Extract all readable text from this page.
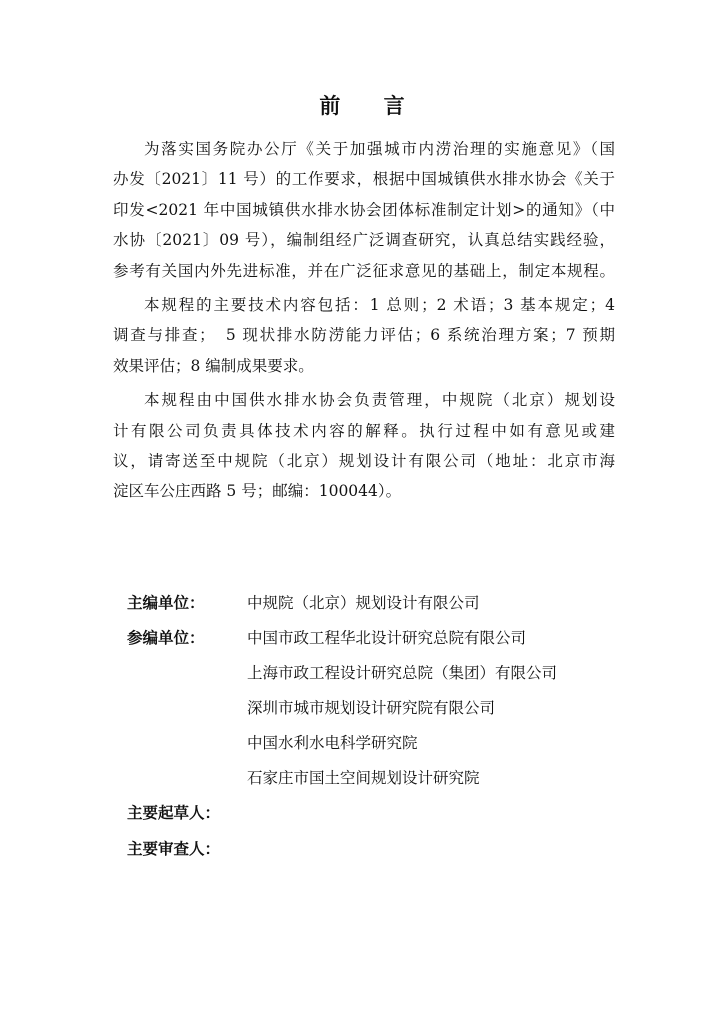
前 言

为落实国务院办公厅《关于加强城市内涝治理的实施意见》（国
办发〔2021〕11 号）的工作要求，根据中国城镇供水排水协会《关于
印发<2021 年中国城镇供水排水协会团体标准制定计划>的通知》（中
水协〔2021〕09 号），编制组经广泛调查研究，认真总结实践经验，
参考有关国内外先进标准，并在广泛征求意见的基础上，制定本规程。

本规程的主要技术内容包括：1 总则；2 术语；3 基本规定；4
调查与排查；　5 现状排水防涝能力评估；6 系统治理方案；7 预期
效果评估；8 编制成果要求。

本规程由中国供水排水协会负责管理，中规院（北京）规划设
计有限公司负责具体技术内容的解释。执行过程中如有意见或建
议，请寄送至中规院（北京）规划设计有限公司（地址：北京市海
淀区车公庄西路 5 号；邮编：100044）。

主编单位：	中规院（北京）规划设计有限公司
参编单位：	中国市政工程华北设计研究总院有限公司
上海市政工程设计研究总院（集团）有限公司
深圳市城市规划设计研究院有限公司
中国水利水电科学研究院
石家庄市国土空间规划设计研究院
主要起草人：
主要审查人：
